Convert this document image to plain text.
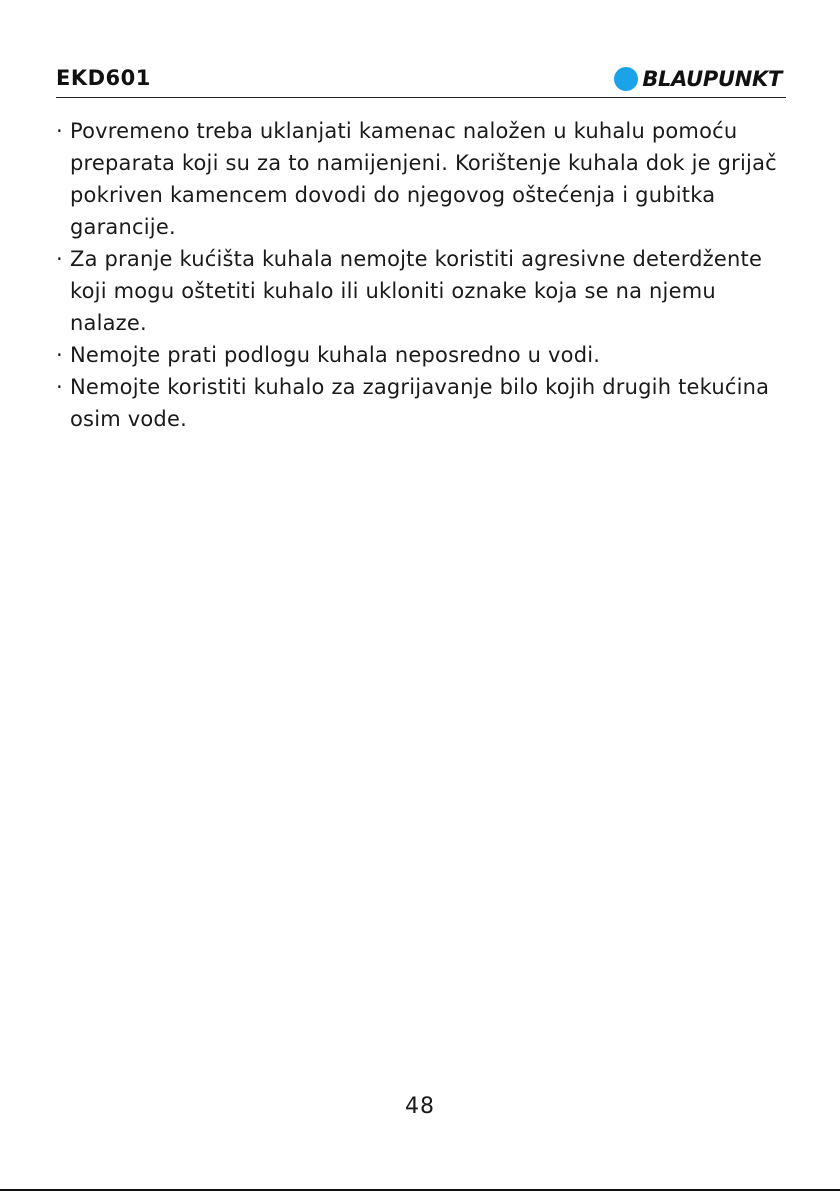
EKD601	BLAUPUNKT
· Povremeno treba uklanjati kamenac naložen u kuhalu pomoću preparata koji su za to namijenjeni. Korištenje kuhala dok je grijač pokriven kamencem dovodi do njegovog oštećenja i gubitka garancije.
· Za pranje kućišta kuhala nemojte koristiti agresivne deterdžente koji mogu oštetiti kuhalo ili ukloniti oznake koja se na njemu nalaze.
· Nemojte prati podlogu kuhala neposredno u vodi.
· Nemojte koristiti kuhalo za zagrijavanje bilo kojih drugih tekućina osim vode.
48
